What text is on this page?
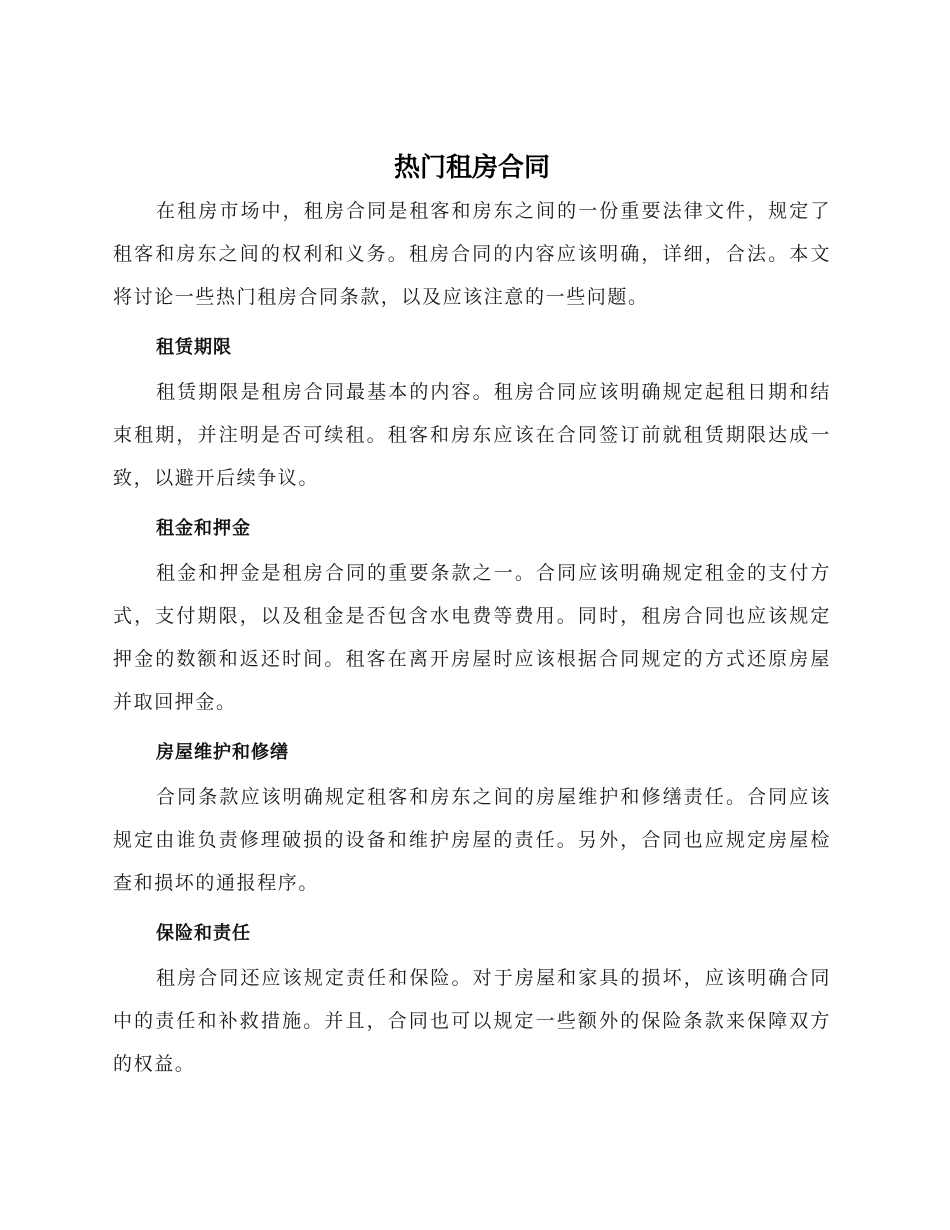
热门租房合同

在租房市场中，租房合同是租客和房东之间的一份重要法律文件，规定了租客和房东之间的权利和义务。租房合同的内容应该明确，详细，合法。本文将讨论一些热门租房合同条款，以及应该注意的一些问题。

租赁期限

租赁期限是租房合同最基本的内容。租房合同应该明确规定起租日期和结束租期，并注明是否可续租。租客和房东应该在合同签订前就租赁期限达成一致，以避开后续争议。

租金和押金

租金和押金是租房合同的重要条款之一。合同应该明确规定租金的支付方式，支付期限，以及租金是否包含水电费等费用。同时，租房合同也应该规定押金的数额和返还时间。租客在离开房屋时应该根据合同规定的方式还原房屋并取回押金。

房屋维护和修缮

合同条款应该明确规定租客和房东之间的房屋维护和修缮责任。合同应该规定由谁负责修理破损的设备和维护房屋的责任。另外，合同也应规定房屋检查和损坏的通报程序。

保险和责任

租房合同还应该规定责任和保险。对于房屋和家具的损坏，应该明确合同中的责任和补救措施。并且，合同也可以规定一些额外的保险条款来保障双方的权益。
